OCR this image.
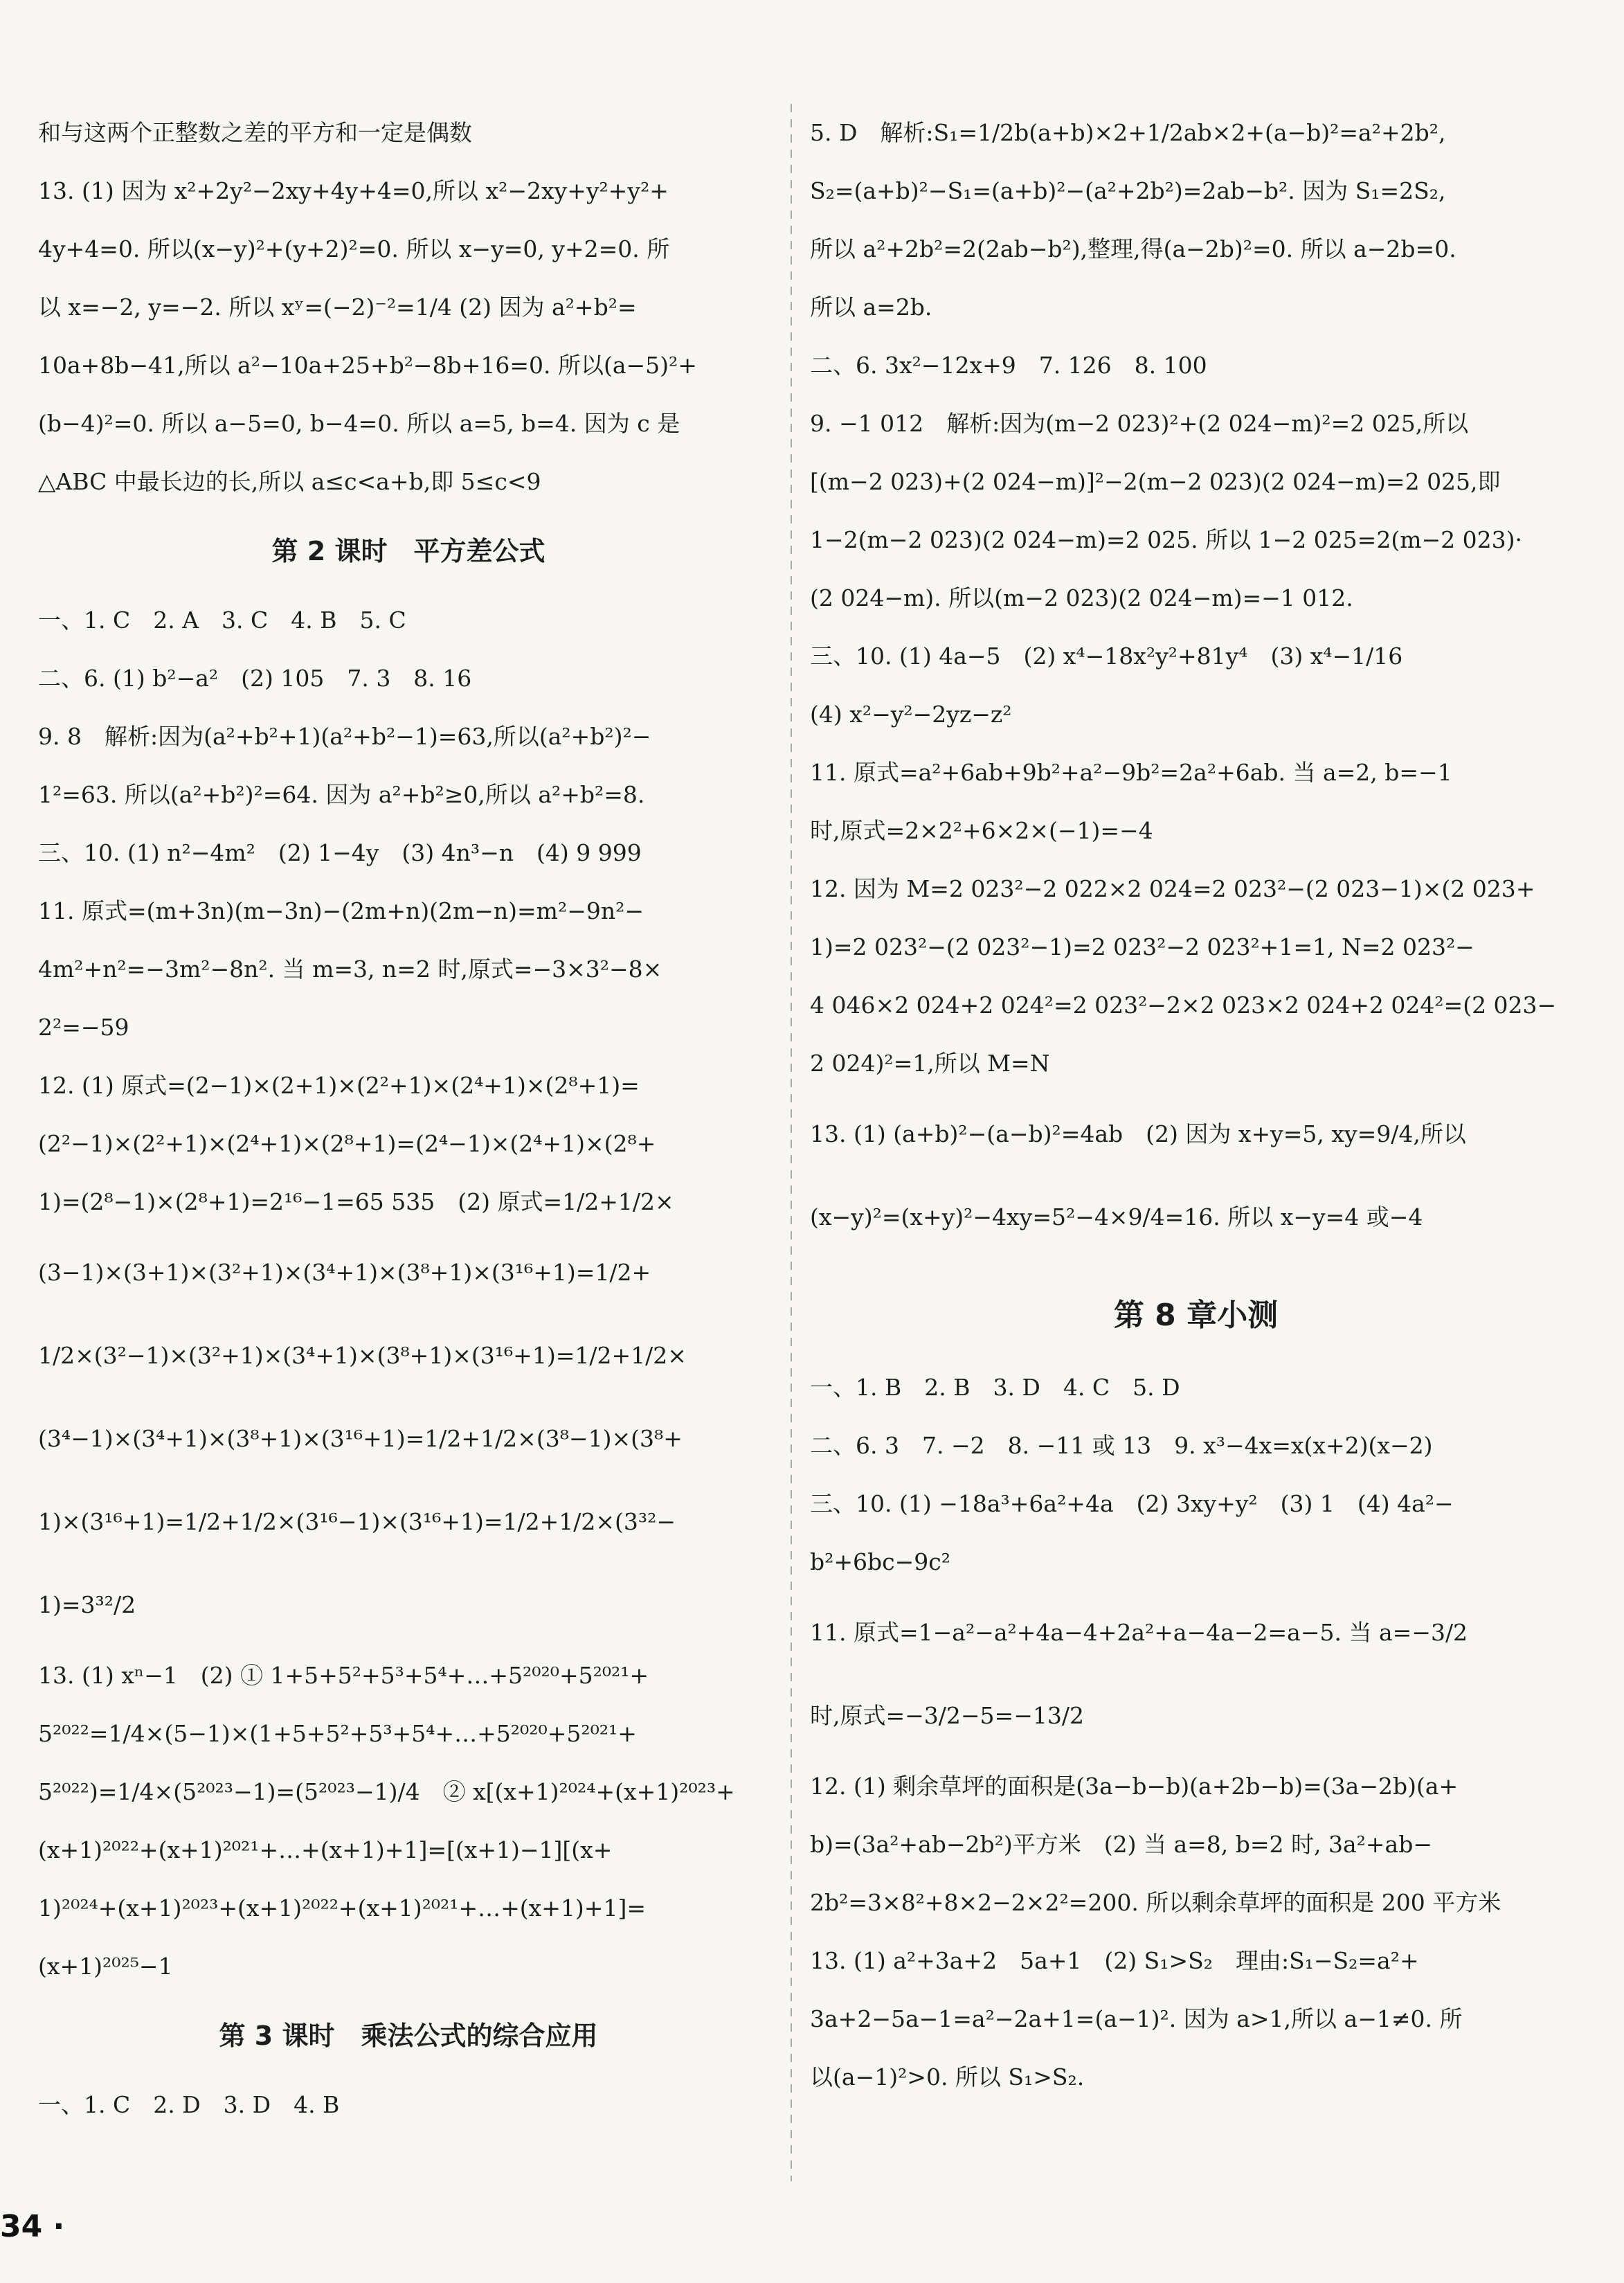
和与这两个正整数之差的平方和一定是偶数
13. (1) 因为 x²+2y²−2xy+4y+4=0,所以 x²−2xy+y²+y²+
4y+4=0. 所以(x−y)²+(y+2)²=0. 所以 x−y=0, y+2=0. 所
以 x=−2, y=−2. 所以 xʸ=(−2)⁻²=1/4 (2) 因为 a²+b²=
10a+8b−41,所以 a²−10a+25+b²−8b+16=0. 所以(a−5)²+
(b−4)²=0. 所以 a−5=0, b−4=0. 所以 a=5, b=4. 因为 c 是
△ABC 中最长边的长,所以 a≤c<a+b,即 5≤c<9
第 2 课时　平方差公式
一、1. C　2. A　3. C　4. B　5. C
二、6. (1) b²−a²　(2) 105　7. 3　8. 16
9. 8　解析:因为(a²+b²+1)(a²+b²−1)=63,所以(a²+b²)²−
1²=63. 所以(a²+b²)²=64. 因为 a²+b²≥0,所以 a²+b²=8.
三、10. (1) n²−4m²　(2) 1−4y　(3) 4n³−n　(4) 9 999
11. 原式=(m+3n)(m−3n)−(2m+n)(2m−n)=m²−9n²−
4m²+n²=−3m²−8n². 当 m=3, n=2 时,原式=−3×3²−8×
2²=−59
12. (1) 原式=(2−1)×(2+1)×(2²+1)×(2⁴+1)×(2⁸+1)=
(2²−1)×(2²+1)×(2⁴+1)×(2⁸+1)=(2⁴−1)×(2⁴+1)×(2⁸+
1)=(2⁸−1)×(2⁸+1)=2¹⁶−1=65 535　(2) 原式=1/2+1/2×
(3−1)×(3+1)×(3²+1)×(3⁴+1)×(3⁸+1)×(3¹⁶+1)=1/2+
1/2×(3²−1)×(3²+1)×(3⁴+1)×(3⁸+1)×(3¹⁶+1)=1/2+1/2×
(3⁴−1)×(3⁴+1)×(3⁸+1)×(3¹⁶+1)=1/2+1/2×(3⁸−1)×(3⁸+
1)×(3¹⁶+1)=1/2+1/2×(3¹⁶−1)×(3¹⁶+1)=1/2+1/2×(3³²−
1)=3³²/2
13. (1) xⁿ−1　(2) ① 1+5+5²+5³+5⁴+…+5²⁰²⁰+5²⁰²¹+
5²⁰²²=1/4×(5−1)×(1+5+5²+5³+5⁴+…+5²⁰²⁰+5²⁰²¹+
5²⁰²²)=1/4×(5²⁰²³−1)=(5²⁰²³−1)/4　② x[(x+1)²⁰²⁴+(x+1)²⁰²³+
(x+1)²⁰²²+(x+1)²⁰²¹+…+(x+1)+1]=[(x+1)−1][(x+
1)²⁰²⁴+(x+1)²⁰²³+(x+1)²⁰²²+(x+1)²⁰²¹+…+(x+1)+1]=
(x+1)²⁰²⁵−1
第 3 课时　乘法公式的综合应用
一、1. C　2. D　3. D　4. B
5. D　解析:S₁=1/2b(a+b)×2+1/2ab×2+(a−b)²=a²+2b²,
S₂=(a+b)²−S₁=(a+b)²−(a²+2b²)=2ab−b². 因为 S₁=2S₂,
所以 a²+2b²=2(2ab−b²),整理,得(a−2b)²=0. 所以 a−2b=0.
所以 a=2b.
二、6. 3x²−12x+9　7. 126　8. 100
9. −1 012　解析:因为(m−2 023)²+(2 024−m)²=2 025,所以
[(m−2 023)+(2 024−m)]²−2(m−2 023)(2 024−m)=2 025,即
1−2(m−2 023)(2 024−m)=2 025. 所以 1−2 025=2(m−2 023)·
(2 024−m). 所以(m−2 023)(2 024−m)=−1 012.
三、10. (1) 4a−5　(2) x⁴−18x²y²+81y⁴　(3) x⁴−1/16
(4) x²−y²−2yz−z²
11. 原式=a²+6ab+9b²+a²−9b²=2a²+6ab. 当 a=2, b=−1
时,原式=2×2²+6×2×(−1)=−4
12. 因为 M=2 023²−2 022×2 024=2 023²−(2 023−1)×(2 023+
1)=2 023²−(2 023²−1)=2 023²−2 023²+1=1, N=2 023²−
4 046×2 024+2 024²=2 023²−2×2 023×2 024+2 024²=(2 023−
2 024)²=1,所以 M=N
13. (1) (a+b)²−(a−b)²=4ab　(2) 因为 x+y=5, xy=9/4,所以
(x−y)²=(x+y)²−4xy=5²−4×9/4=16. 所以 x−y=4 或−4
第 8 章小测
一、1. B　2. B　3. D　4. C　5. D
二、6. 3　7. −2　8. −11 或 13　9. x³−4x=x(x+2)(x−2)
三、10. (1) −18a³+6a²+4a　(2) 3xy+y²　(3) 1　(4) 4a²−
b²+6bc−9c²
11. 原式=1−a²−a²+4a−4+2a²+a−4a−2=a−5. 当 a=−3/2
时,原式=−3/2−5=−13/2
12. (1) 剩余草坪的面积是(3a−b−b)(a+2b−b)=(3a−2b)(a+
b)=(3a²+ab−2b²)平方米　(2) 当 a=8, b=2 时, 3a²+ab−
2b²=3×8²+8×2−2×2²=200. 所以剩余草坪的面积是 200 平方米
13. (1) a²+3a+2　5a+1　(2) S₁>S₂　理由:S₁−S₂=a²+
3a+2−5a−1=a²−2a+1=(a−1)². 因为 a>1,所以 a−1≠0. 所
以(a−1)²>0. 所以 S₁>S₂.
34 ·
